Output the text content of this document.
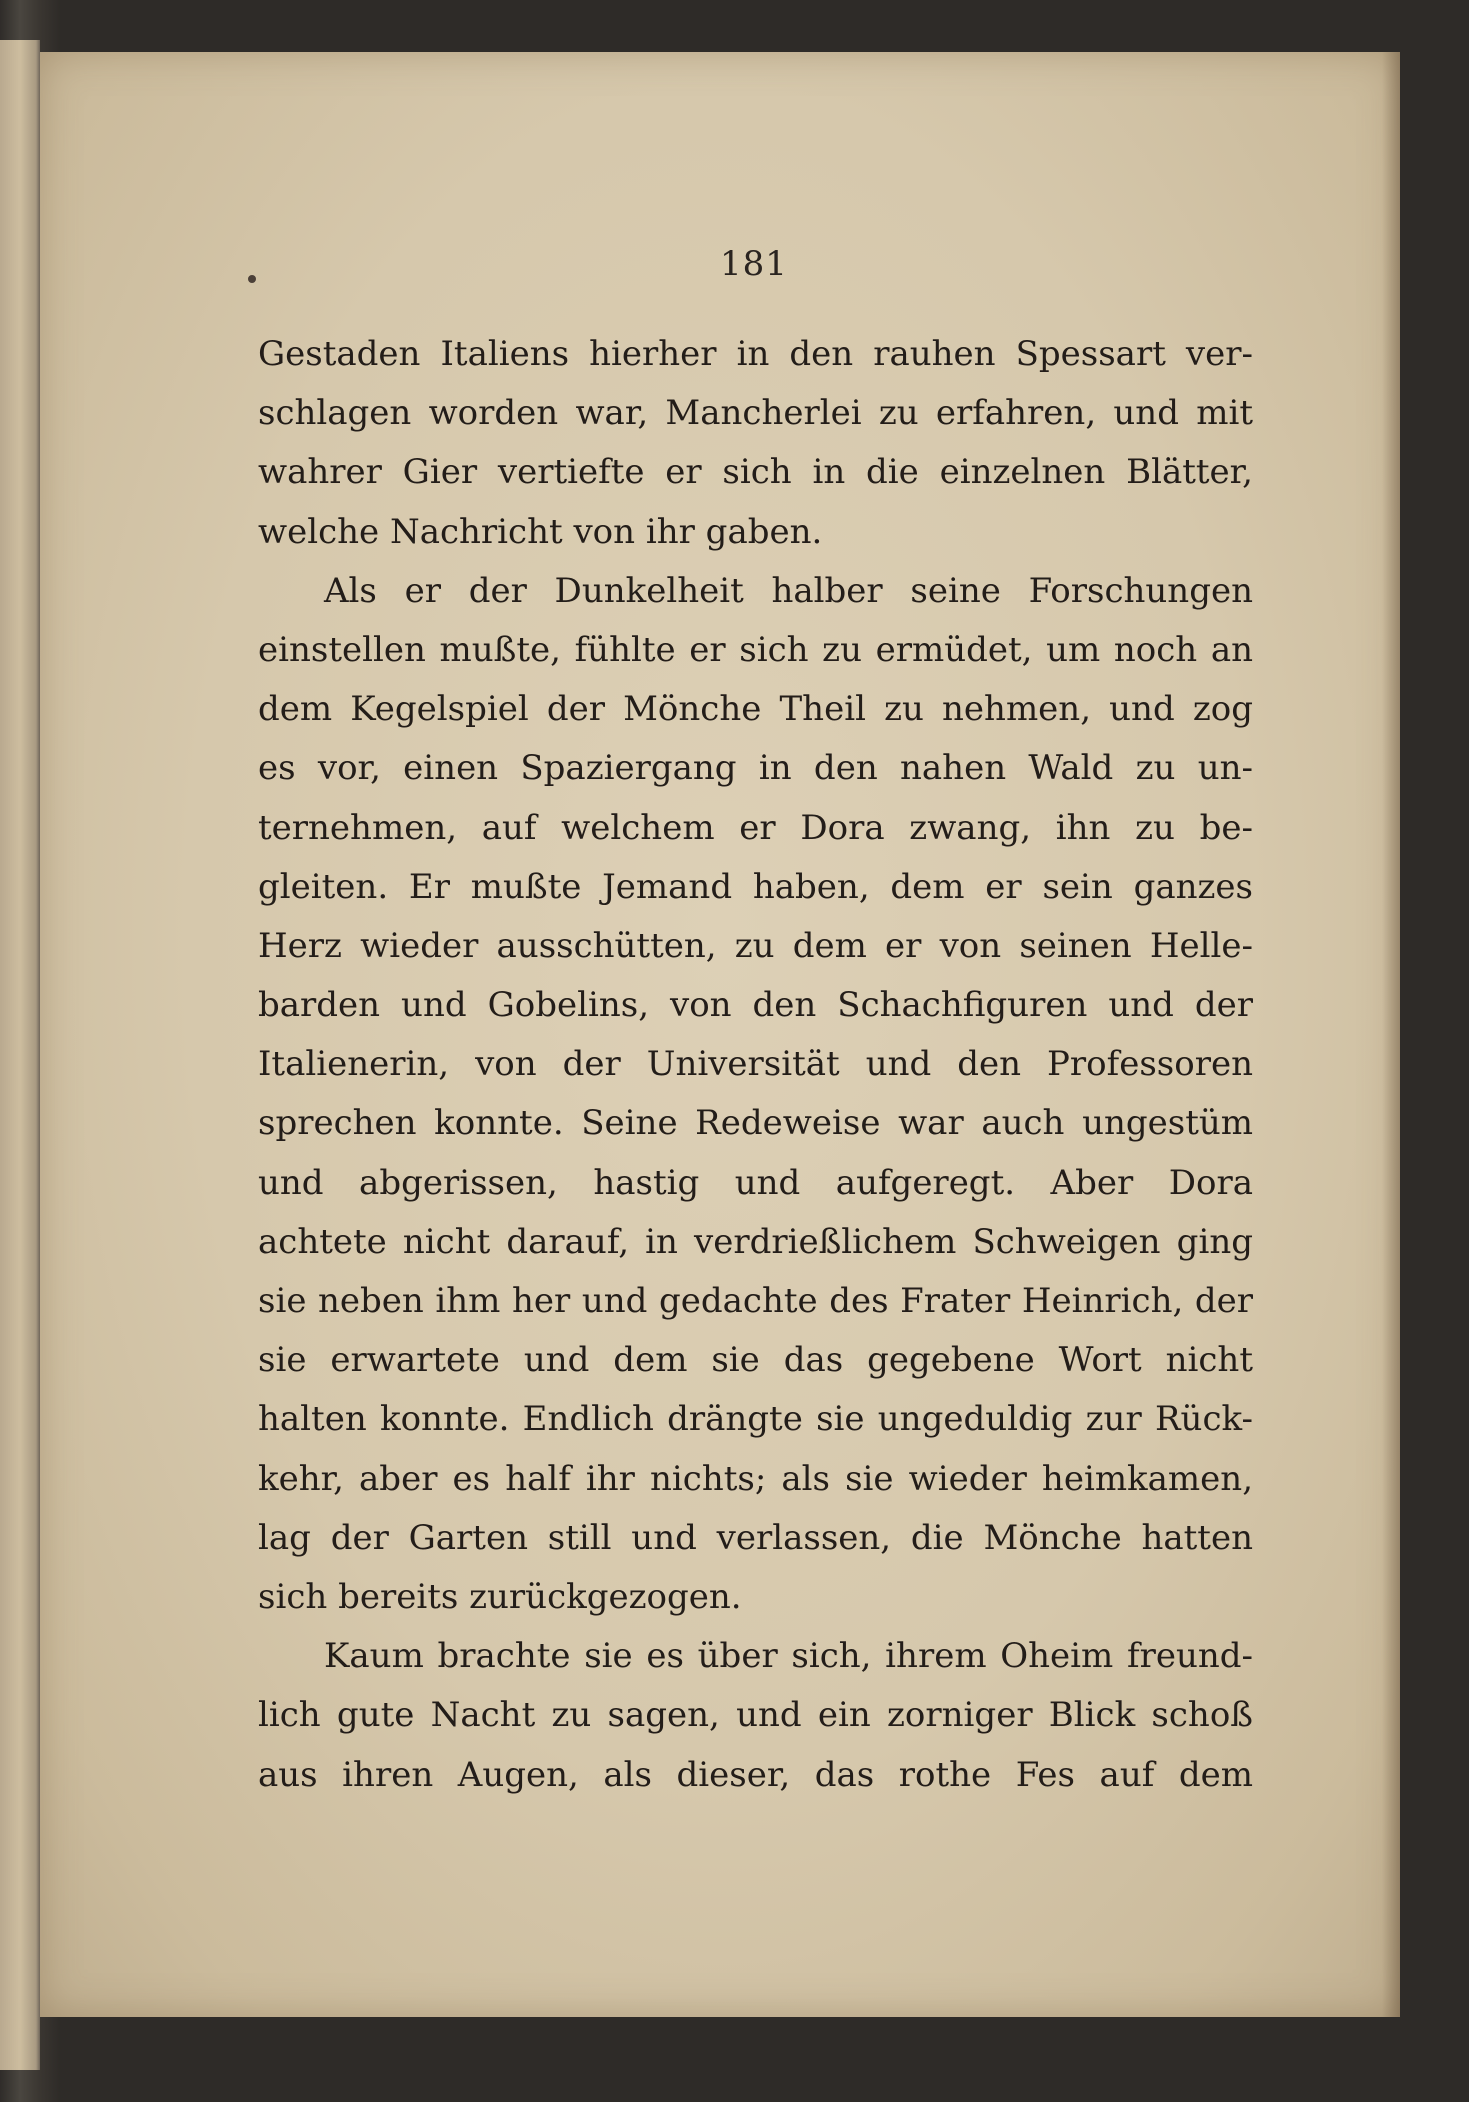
181
Gestaden Italiens hierher in den rauhen Spessart ver-
schlagen worden war, Mancherlei zu erfahren, und mit
wahrer Gier vertiefte er sich in die einzelnen Blätter,
welche Nachricht von ihr gaben.
Als er der Dunkelheit halber seine Forschungen
einstellen mußte, fühlte er sich zu ermüdet, um noch an
dem Kegelspiel der Mönche Theil zu nehmen, und zog
es vor, einen Spaziergang in den nahen Wald zu un-
ternehmen, auf welchem er Dora zwang, ihn zu be-
gleiten. Er mußte Jemand haben, dem er sein ganzes
Herz wieder ausschütten, zu dem er von seinen Helle-
barden und Gobelins, von den Schachfiguren und der
Italienerin, von der Universität und den Professoren
sprechen konnte. Seine Redeweise war auch ungestüm
und abgerissen, hastig und aufgeregt. Aber Dora
achtete nicht darauf, in verdrießlichem Schweigen ging
sie neben ihm her und gedachte des Frater Heinrich, der
sie erwartete und dem sie das gegebene Wort nicht
halten konnte. Endlich drängte sie ungeduldig zur Rück-
kehr, aber es half ihr nichts; als sie wieder heimkamen,
lag der Garten still und verlassen, die Mönche hatten
sich bereits zurückgezogen.
Kaum brachte sie es über sich, ihrem Oheim freund-
lich gute Nacht zu sagen, und ein zorniger Blick schoß
aus ihren Augen, als dieser, das rothe Fes auf dem
